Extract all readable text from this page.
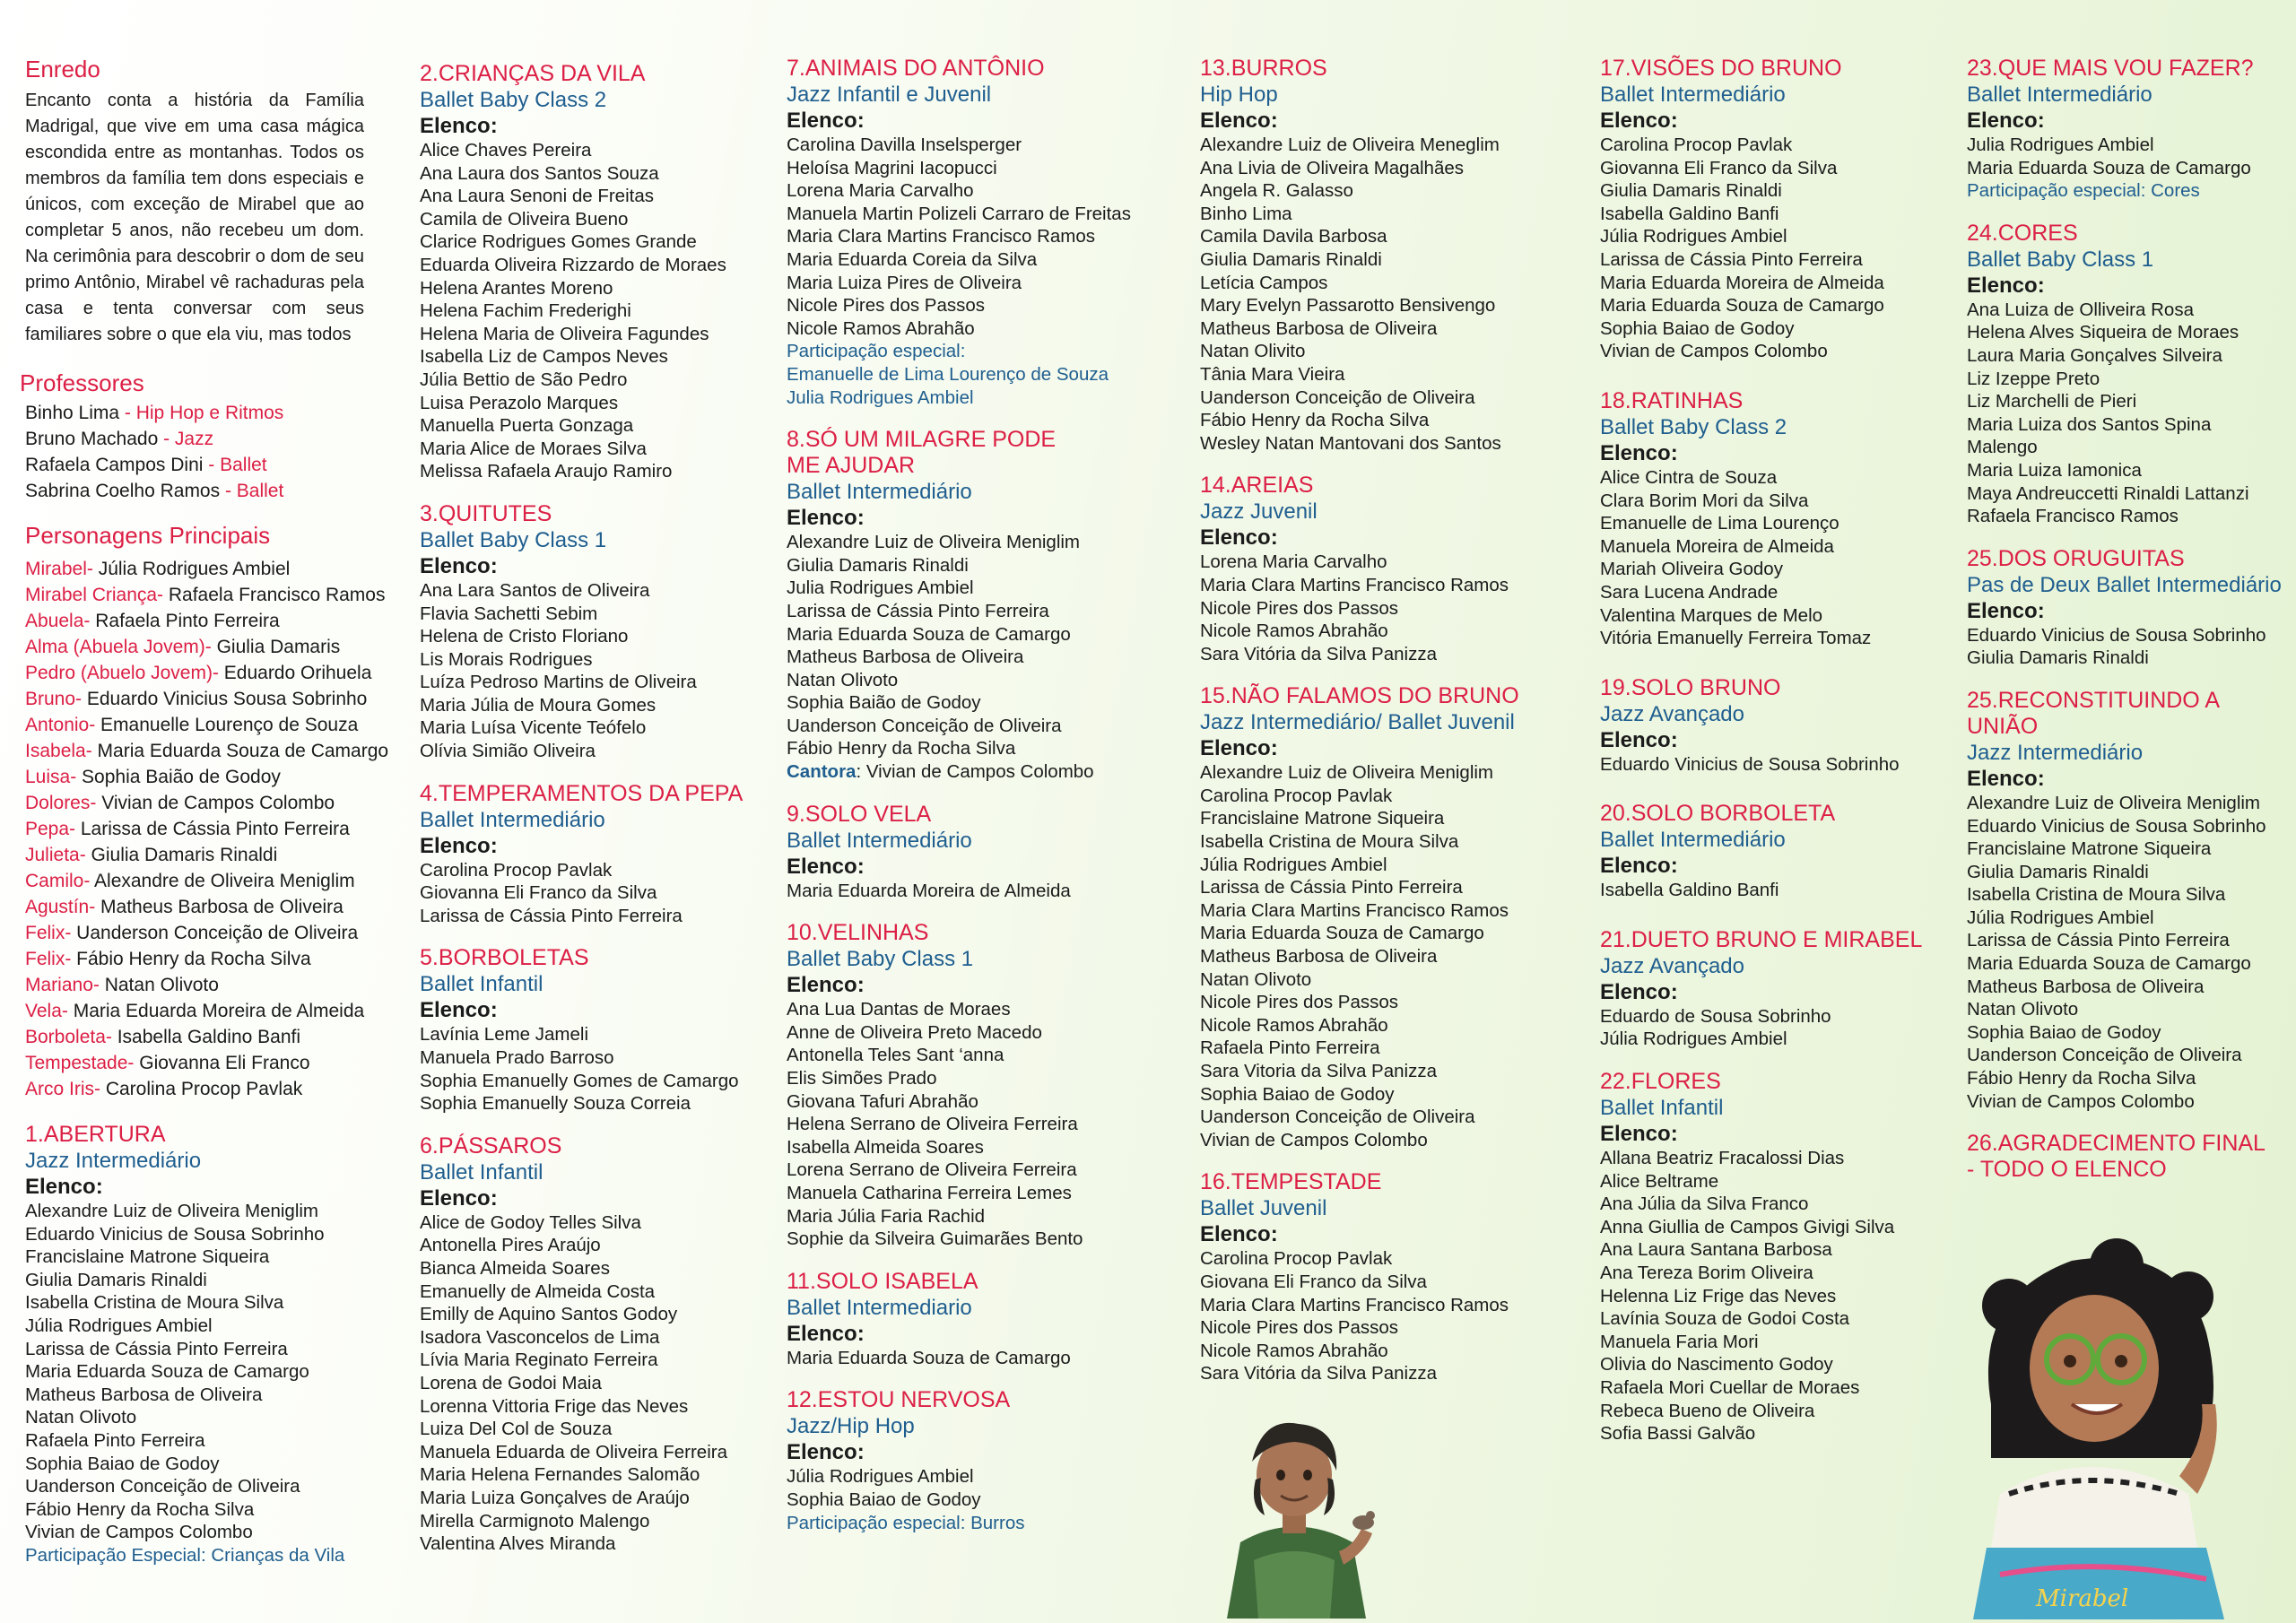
Enredo
Encanto conta a história da Família Madrigal, que vive em uma casa mágica escondida entre as montanhas. Todos os membros da família tem dons especiais e únicos, com exceção de Mirabel que ao completar 5 anos, não recebeu um dom. Na cerimônia para descobrir o dom de seu primo Antônio, Mirabel vê rachaduras pela casa e tenta conversar com seus familiares sobre o que ela viu, mas todos
Professores
Binho Lima - Hip Hop e Ritmos
Bruno Machado - Jazz
Rafaela Campos Dini - Ballet
Sabrina Coelho Ramos - Ballet
Personagens Principais
Mirabel- Júlia Rodrigues Ambiel
Mirabel Criança- Rafaela Francisco Ramos
Abuela- Rafaela Pinto Ferreira
Alma (Abuela Jovem)- Giulia Damaris
Pedro (Abuelo Jovem)- Eduardo Orihuela
Bruno- Eduardo Vinicius Sousa Sobrinho
Antonio- Emanuelle Lourenço de Souza
Isabela- Maria Eduarda Souza de Camargo
Luisa- Sophia Baião de Godoy
Dolores- Vivian de Campos Colombo
Pepa- Larissa de Cássia Pinto Ferreira
Julieta- Giulia Damaris Rinaldi
Camilo- Alexandre de Oliveira Meniglim
Agustín- Matheus Barbosa de Oliveira
Felix- Uanderson Conceição de Oliveira
Felix- Fábio Henry da Rocha Silva
Mariano- Natan Olivoto
Vela- Maria Eduarda Moreira de Almeida
Borboleta- Isabella Galdino Banfi
Tempestade- Giovanna Eli Franco
Arco Iris- Carolina Procop Pavlak
1.ABERTURA
Jazz Intermediário
Elenco:
Alexandre Luiz de Oliveira Meniglim
Eduardo Vinicius de Sousa Sobrinho
Francislaine Matrone Siqueira
Giulia Damaris Rinaldi
Isabella Cristina de Moura Silva
Júlia Rodrigues Ambiel
Larissa de Cássia Pinto Ferreira
Maria Eduarda Souza de Camargo
Matheus Barbosa de Oliveira
Natan Olivoto
Rafaela Pinto Ferreira
Sophia Baiao de Godoy
Uanderson Conceição de Oliveira
Fábio Henry da Rocha Silva
Vivian de Campos Colombo
Participação Especial: Crianças da Vila
2.CRIANÇAS DA VILA
Ballet Baby Class 2
Elenco:
Alice Chaves Pereira
Ana Laura dos Santos Souza
Ana Laura Senoni de Freitas
Camila de Oliveira Bueno
Clarice Rodrigues Gomes Grande
Eduarda Oliveira Rizzardo de Moraes
Helena Arantes Moreno
Helena Fachim Frederighi
Helena Maria de Oliveira Fagundes
Isabella Liz de Campos Neves
Júlia Bettio de São Pedro
Luisa Perazolo Marques
Manuella Puerta Gonzaga
Maria Alice de Moraes Silva
Melissa Rafaela Araujo Ramiro
3.QUITUTES
Ballet Baby Class 1
Elenco:
Ana Lara Santos de Oliveira
Flavia Sachetti Sebim
Helena de Cristo Floriano
Lis Morais Rodrigues
Luíza Pedroso Martins de Oliveira
Maria Júlia de Moura Gomes
Maria Luísa Vicente Teófelo
Olívia Simião Oliveira
4.TEMPERAMENTOS DA PEPA
Ballet Intermediário
Elenco:
Carolina Procop Pavlak
Giovanna Eli Franco da Silva
Larissa de Cássia Pinto Ferreira
5.BORBOLETAS
Ballet Infantil
Elenco:
Lavínia Leme Jameli
Manuela Prado Barroso
Sophia Emanuelly Gomes de Camargo
Sophia Emanuelly Souza Correia
6.PÁSSAROS
Ballet Infantil
Elenco:
Alice de Godoy Telles Silva
Antonella Pires Araújo
Bianca Almeida Soares
Emanuelly de Almeida Costa
Emilly de Aquino Santos Godoy
Isadora Vasconcelos de Lima
Lívia Maria Reginato Ferreira
Lorena de Godoi Maia
Lorenna Vittoria Frige das Neves
Luiza Del Col de Souza
Manuela Eduarda de Oliveira Ferreira
Maria Helena Fernandes Salomão
Maria Luiza Gonçalves de Araújo
Mirella Carmignoto Malengo
Valentina Alves Miranda
7.ANIMAIS DO ANTÔNIO
Jazz Infantil e Juvenil
Elenco:
Carolina Davilla Inselsperger
Heloísa Magrini Iacopucci
Lorena Maria Carvalho
Manuela Martin Polizeli Carraro de Freitas
Maria Clara Martins Francisco Ramos
Maria Eduarda Coreia da Silva
Maria Luiza Pires de Oliveira
Nicole Pires dos Passos
Nicole Ramos Abrahão
Participação especial:
Emanuelle de Lima Lourenço de Souza
Julia Rodrigues Ambiel
8.SÓ UM MILAGRE PODE ME AJUDAR
Ballet Intermediário
Elenco:
Alexandre Luiz de Oliveira Meniglim
Giulia Damaris Rinaldi
Julia Rodrigues Ambiel
Larissa de Cássia Pinto Ferreira
Maria Eduarda Souza de Camargo
Matheus Barbosa de Oliveira
Natan Olivoto
Sophia Baião de Godoy
Uanderson Conceição de Oliveira
Fábio Henry da Rocha Silva
Cantora: Vivian de Campos Colombo
9.SOLO VELA
Ballet Intermediário
Elenco:
Maria Eduarda Moreira de Almeida
10.VELINHAS
Ballet Baby Class 1
Elenco:
Ana Lua Dantas de Moraes
Anne de Oliveira Preto Macedo
Antonella Teles Sant ‘anna
Elis Simões Prado
Giovana Tafuri Abrahão
Helena Serrano de Oliveira Ferreira
Isabella Almeida Soares
Lorena Serrano de Oliveira Ferreira
Manuela Catharina Ferreira Lemes
Maria Júlia Faria Rachid
Sophie da Silveira Guimarães Bento
11.SOLO ISABELA
Ballet Intermediario
Elenco:
Maria Eduarda Souza de Camargo
12.ESTOU NERVOSA
Jazz/Hip Hop
Elenco:
Júlia Rodrigues Ambiel
Sophia Baiao de Godoy
Participação especial: Burros
13.BURROS
Hip Hop
Elenco:
Alexandre Luiz de Oliveira Meneglim
Ana Livia de Oliveira Magalhães
Angela R. Galasso
Binho Lima
Camila Davila Barbosa
Giulia Damaris Rinaldi
Letícia Campos
Mary Evelyn Passarotto Bensivengo
Matheus Barbosa de Oliveira
Natan Olivito
Tânia Mara Vieira
Uanderson Conceição de Oliveira
Fábio Henry da Rocha Silva
Wesley Natan Mantovani dos Santos
14.AREIAS
Jazz Juvenil
Elenco:
Lorena Maria Carvalho
Maria Clara Martins Francisco Ramos
Nicole Pires dos Passos
Nicole Ramos Abrahão
Sara Vitória da Silva Panizza
15.NÃO FALAMOS DO BRUNO
Jazz Intermediário/ Ballet Juvenil
Elenco:
Alexandre Luiz de Oliveira Meniglim
Carolina Procop Pavlak
Francislaine Matrone Siqueira
Isabella Cristina de Moura Silva
Júlia Rodrigues Ambiel
Larissa de Cássia Pinto Ferreira
Maria Clara Martins Francisco Ramos
Maria Eduarda Souza de Camargo
Matheus Barbosa de Oliveira
Natan Olivoto
Nicole Pires dos Passos
Nicole Ramos Abrahão
Rafaela Pinto Ferreira
Sara Vitoria da Silva Panizza
Sophia Baiao de Godoy
Uanderson Conceição de Oliveira
Vivian de Campos Colombo
16.TEMPESTADE
Ballet Juvenil
Elenco:
Carolina Procop Pavlak
Giovana Eli Franco da Silva
Maria Clara Martins Francisco Ramos
Nicole Pires dos Passos
Nicole Ramos Abrahão
Sara Vitória da Silva Panizza
17.VISÕES DO BRUNO
Ballet Intermediário
Elenco:
Carolina Procop Pavlak
Giovanna Eli Franco da Silva
Giulia Damaris Rinaldi
Isabella Galdino Banfi
Júlia Rodrigues Ambiel
Larissa de Cássia Pinto Ferreira
Maria Eduarda Moreira de Almeida
Maria Eduarda Souza de Camargo
Sophia Baiao de Godoy
Vivian de Campos Colombo
18.RATINHAS
Ballet Baby Class 2
Elenco:
Alice Cintra de Souza
Clara Borim Mori da Silva
Emanuelle de Lima Lourenço
Manuela Moreira de Almeida
Mariah Oliveira Godoy
Sara Lucena Andrade
Valentina Marques de Melo
Vitória Emanuelly Ferreira Tomaz
19.SOLO BRUNO
Jazz Avançado
Elenco:
Eduardo Vinicius de Sousa Sobrinho
20.SOLO BORBOLETA
Ballet Intermediário
Elenco:
Isabella Galdino Banfi
21.DUETO BRUNO E MIRABEL
Jazz Avançado
Elenco:
Eduardo de Sousa Sobrinho
Júlia Rodrigues Ambiel
22.FLORES
Ballet Infantil
Elenco:
Allana Beatriz Fracalossi Dias
Alice Beltrame
Ana Júlia da Silva Franco
Anna Giullia de Campos Givigi Silva
Ana Laura Santana Barbosa
Ana Tereza Borim Oliveira
Helenna Liz Frige das Neves
Lavínia Souza de Godoi Costa
Manuela Faria Mori
Olivia do Nascimento Godoy
Rafaela Mori Cuellar de Moraes
Rebeca Bueno de Oliveira
Sofia Bassi Galvão
23.QUE MAIS VOU FAZER?
Ballet Intermediário
Elenco:
Julia Rodrigues Ambiel
Maria Eduarda Souza de Camargo
Participação especial: Cores
24.CORES
Ballet Baby Class 1
Elenco:
Ana Luiza de Olliveira Rosa
Helena Alves Siqueira de Moraes
Laura Maria Gonçalves Silveira
Liz Izeppe Preto
Liz Marchelli de Pieri
Maria Luiza dos Santos Spina
Malengo
Maria Luiza Iamonica
Maya Andreuccetti Rinaldi Lattanzi
Rafaela Francisco Ramos
25.DOS ORUGUITAS
Pas de Deux Ballet Intermediário
Elenco:
Eduardo Vinicius de Sousa Sobrinho
Giulia Damaris Rinaldi
25.RECONSTITUINDO A UNIÃO
Jazz Intermediário
Elenco:
Alexandre Luiz de Oliveira Meniglim
Eduardo Vinicius de Sousa Sobrinho
Francislaine Matrone Siqueira
Giulia Damaris Rinaldi
Isabella Cristina de Moura Silva
Júlia Rodrigues Ambiel
Larissa de Cássia Pinto Ferreira
Maria Eduarda Souza de Camargo
Matheus Barbosa de Oliveira
Natan Olivoto
Sophia Baiao de Godoy
Uanderson Conceição de Oliveira
Fábio Henry da Rocha Silva
Vivian de Campos Colombo
26.AGRADECIMENTO FINAL - TODO O ELENCO
Mirabel
